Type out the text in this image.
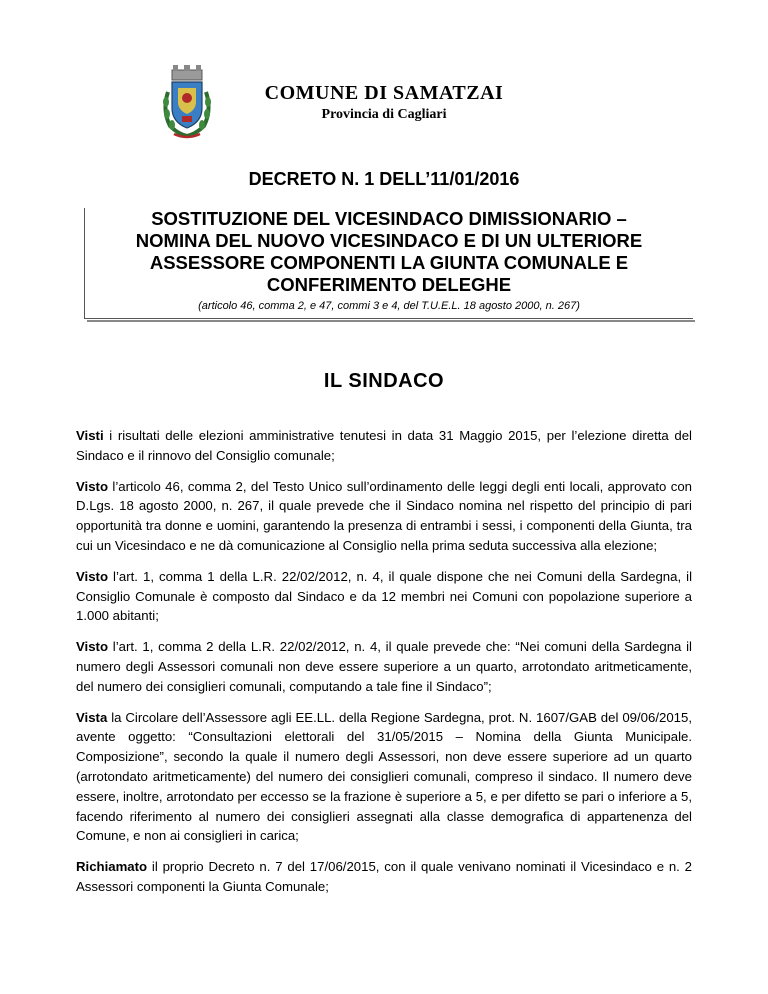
COMUNE DI SAMATZAI
Provincia di Cagliari
DECRETO N. 1 DELL’11/01/2016
SOSTITUZIONE DEL VICESINDACO DIMISSIONARIO –
NOMINA DEL NUOVO VICESINDACO E DI UN ULTERIORE
ASSESSORE COMPONENTI LA GIUNTA COMUNALE E
CONFERIMENTO DELEGHE
(articolo 46, comma 2, e 47, commi 3 e 4, del T.U.E.L. 18 agosto 2000, n. 267)
IL SINDACO

Visti i risultati delle elezioni amministrative tenutesi in data 31 Maggio 2015, per l’elezione diretta del Sindaco e il rinnovo del Consiglio comunale;

Visto l’articolo 46, comma 2, del Testo Unico sull’ordinamento delle leggi degli enti locali, approvato con D.Lgs. 18 agosto 2000, n. 267, il quale prevede che il Sindaco nomina nel rispetto del principio di pari opportunità tra donne e uomini, garantendo la presenza di entrambi i sessi, i componenti della Giunta, tra cui un Vicesindaco e ne dà comunicazione al Consiglio nella prima seduta successiva alla elezione;

Visto l’art. 1, comma 1 della L.R. 22/02/2012, n. 4, il quale dispone che nei Comuni della Sardegna, il Consiglio Comunale è composto dal Sindaco e da 12 membri nei Comuni con popolazione superiore a 1.000 abitanti;

Visto l’art. 1, comma 2 della L.R. 22/02/2012, n. 4, il quale prevede che: “Nei comuni della Sardegna il numero degli Assessori comunali non deve essere superiore a un quarto, arrotondato aritmeticamente, del numero dei consiglieri comunali, computando a tale fine il Sindaco”;

Vista la Circolare dell’Assessore agli EE.LL. della Regione Sardegna, prot. N. 1607/GAB del 09/06/2015, avente oggetto: “Consultazioni elettorali del 31/05/2015 – Nomina della Giunta Municipale. Composizione”, secondo la quale il numero degli Assessori, non deve essere superiore ad un quarto (arrotondato aritmeticamente) del numero dei consiglieri comunali, compreso il sindaco. Il numero deve essere, inoltre, arrotondato per eccesso se la frazione è superiore a 5, e per difetto se pari o inferiore a 5, facendo riferimento al numero dei consiglieri assegnati alla classe demografica di appartenenza del Comune, e non ai consiglieri in carica;

Richiamato il proprio Decreto n. 7 del 17/06/2015, con il quale venivano nominati il Vicesindaco e n. 2 Assessori componenti la Giunta Comunale;
